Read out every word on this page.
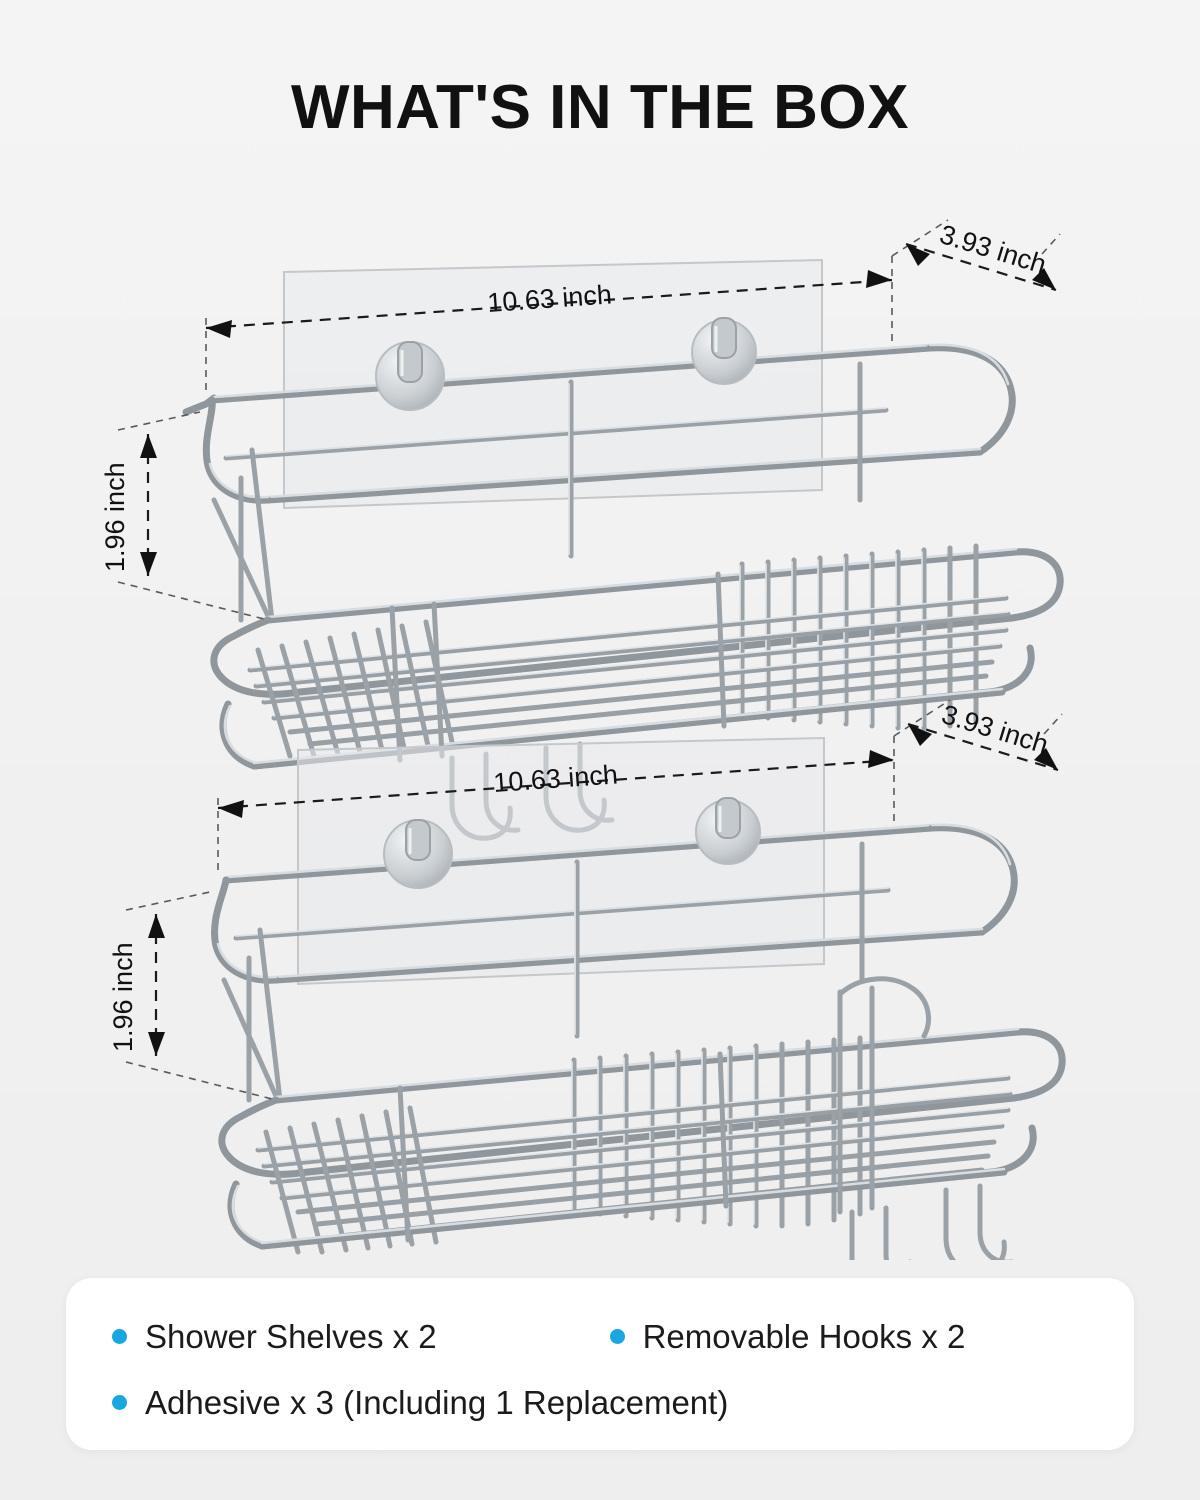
WHAT'S IN THE BOX
10.63 inch
3.93 inch
1.96 inch
10.63 inch
3.93 inch
1.96 inch
Shower Shelves x 2	Removable Hooks x 2
Adhesive x 3 (Including 1 Replacement)
